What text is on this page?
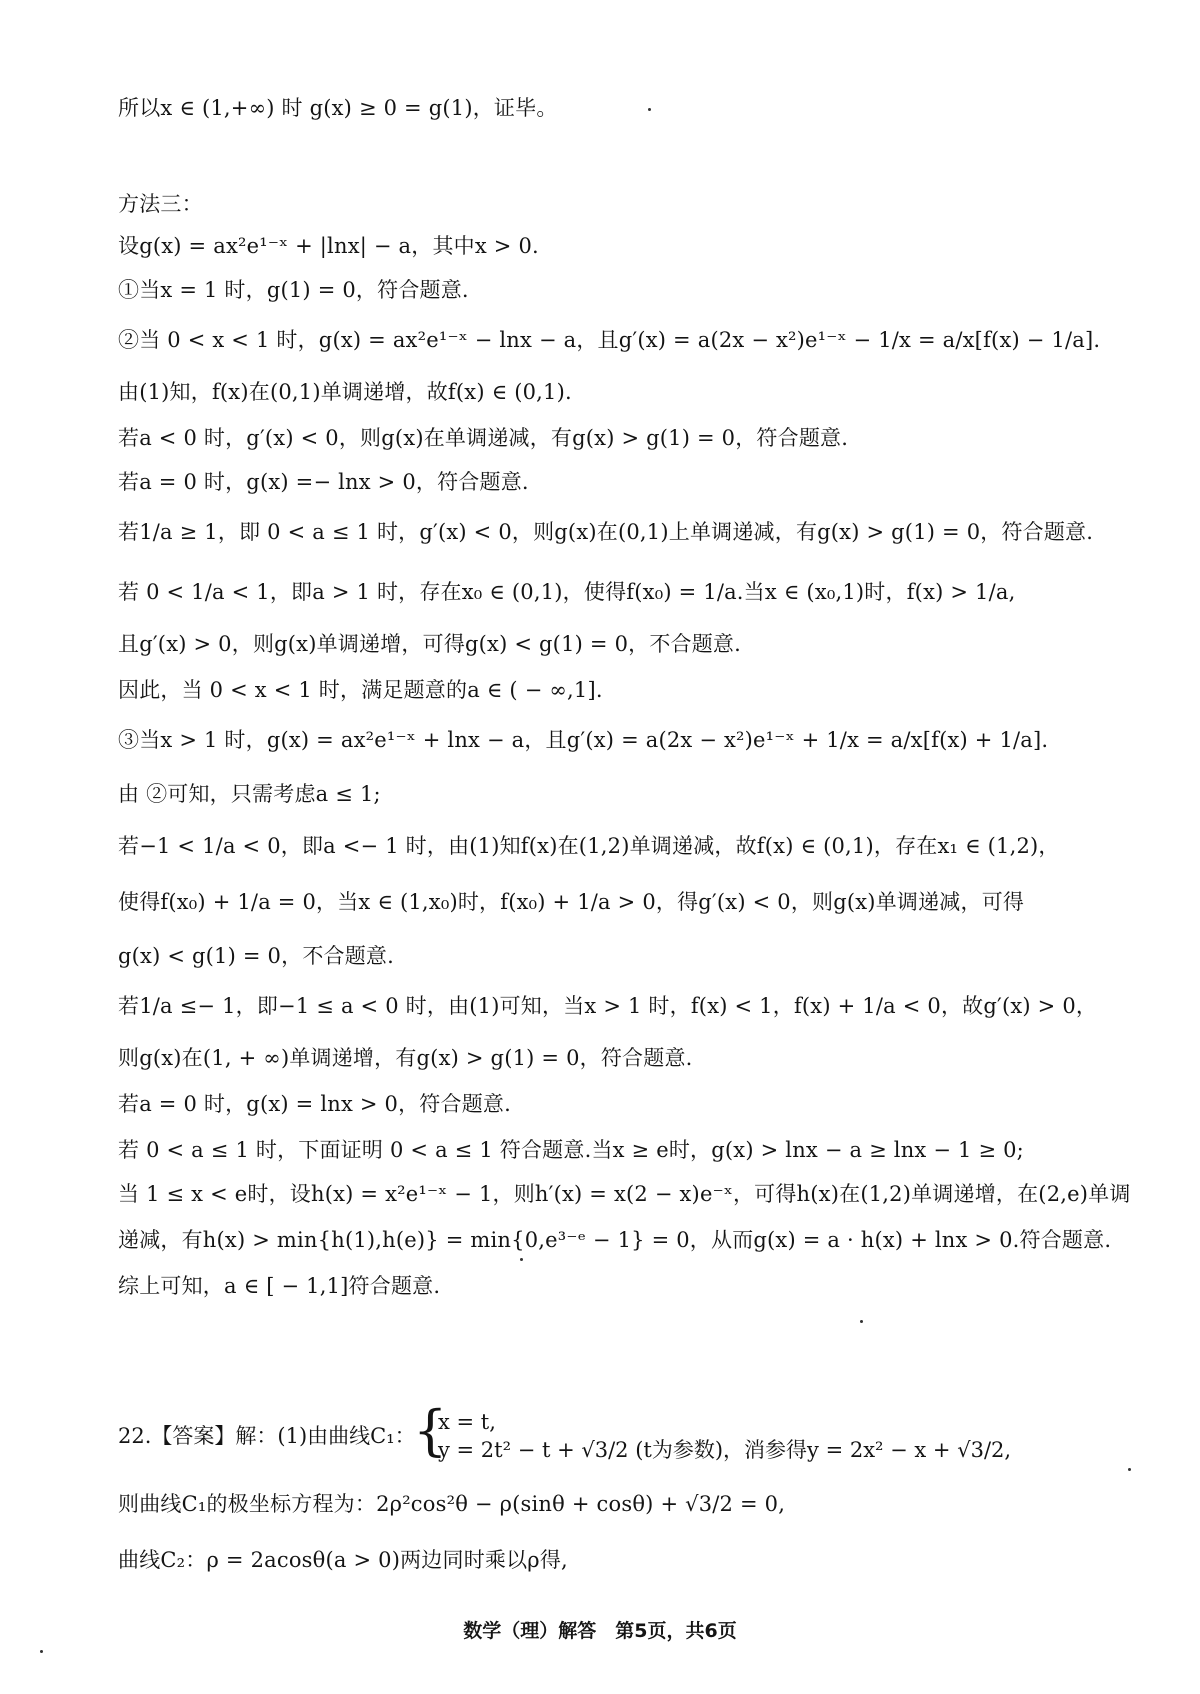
所以x ∈ (1,+∞) 时 g(x) ≥ 0 = g(1)，证毕。
方法三：
设g(x) = ax²e¹⁻ˣ + |lnx| − a，其中x > 0.
①当x = 1 时，g(1) = 0，符合题意.
②当 0 < x < 1 时，g(x) = ax²e¹⁻ˣ − lnx − a，且g′(x) = a(2x − x²)e¹⁻ˣ − 1/x = a/x[f(x) − 1/a].
由(1)知，f(x)在(0,1)单调递增，故f(x) ∈ (0,1).
若a < 0 时，g′(x) < 0，则g(x)在单调递减，有g(x) > g(1) = 0，符合题意.
若a = 0 时，g(x) =− lnx > 0，符合题意.
若1/a ≥ 1，即 0 < a ≤ 1 时，g′(x) < 0，则g(x)在(0,1)上单调递减，有g(x) > g(1) = 0，符合题意.
若 0 < 1/a < 1，即a > 1 时，存在x₀ ∈ (0,1)，使得f(x₀) = 1/a.当x ∈ (x₀,1)时，f(x) > 1/a,
且g′(x) > 0，则g(x)单调递增，可得g(x) < g(1) = 0，不合题意.
因此，当 0 < x < 1 时，满足题意的a ∈ ( − ∞,1].
③当x > 1 时，g(x) = ax²e¹⁻ˣ + lnx − a，且g′(x) = a(2x − x²)e¹⁻ˣ + 1/x = a/x[f(x) + 1/a].
由 ②可知，只需考虑a ≤ 1;
若−1 < 1/a < 0，即a <− 1 时，由(1)知f(x)在(1,2)单调递减，故f(x) ∈ (0,1)，存在x₁ ∈ (1,2)，
使得f(x₀) + 1/a = 0，当x ∈ (1,x₀)时，f(x₀) + 1/a > 0，得g′(x) < 0，则g(x)单调递减，可得
g(x) < g(1) = 0，不合题意.
若1/a ≤− 1，即−1 ≤ a < 0 时，由(1)可知，当x > 1 时，f(x) < 1，f(x) + 1/a < 0，故g′(x) > 0，
则g(x)在(1, + ∞)单调递增，有g(x) > g(1) = 0，符合题意.
若a = 0 时，g(x) = lnx > 0，符合题意.
若 0 < a ≤ 1 时，下面证明 0 < a ≤ 1 符合题意.当x ≥ e时，g(x) > lnx − a ≥ lnx − 1 ≥ 0;
当 1 ≤ x < e时，设h(x) = x²e¹⁻ˣ − 1，则h′(x) = x(2 − x)e⁻ˣ，可得h(x)在(1,2)单调递增，在(2,e)单调
递减，有h(x) > min{h(1),h(e)} = min{0,e³⁻ᵉ − 1} = 0，从而g(x) = a · h(x) + lnx > 0.符合题意.
综上可知，a ∈ [ − 1,1]符合题意.
22.【答案】解：(1)由曲线C₁：
{
x = t,
y = 2t² − t + √3/2 (t为参数)，消参得y = 2x² − x + √3/2,
则曲线C₁的极坐标方程为：2ρ²cos²θ − ρ(sinθ + cosθ) + √3/2 = 0,
曲线C₂：ρ = 2acosθ(a > 0)两边同时乘以ρ得,
数学（理）解答　第5页，共6页
